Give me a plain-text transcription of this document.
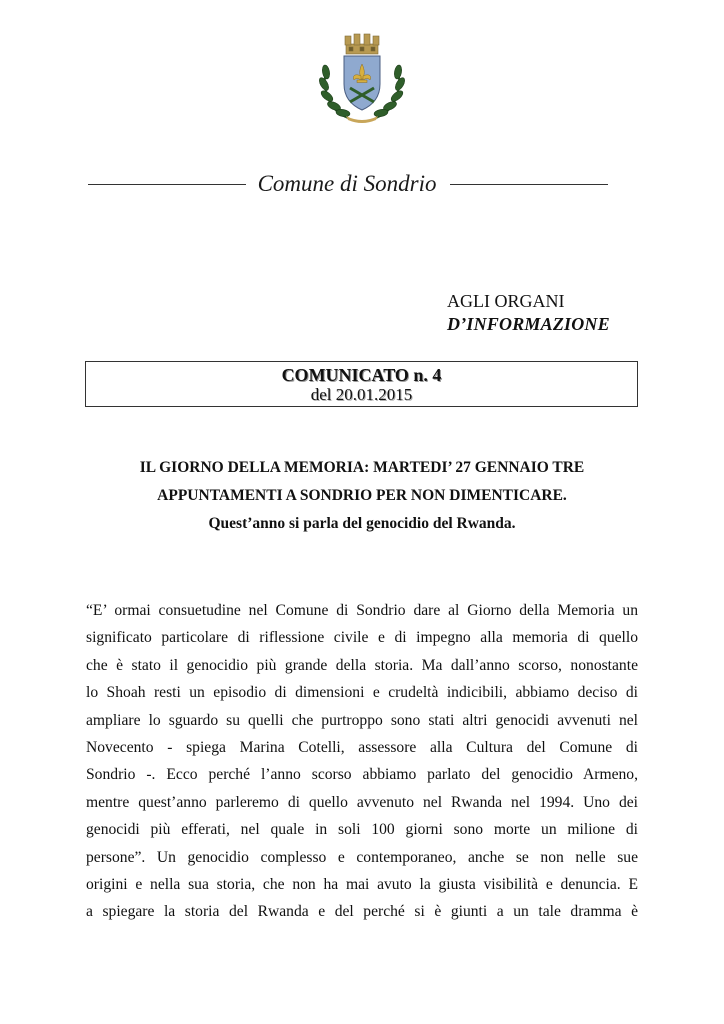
Comune di Sondrio
AGLI ORGANI
D’INFORMAZIONE
COMUNICATO n. 4
del 20.01.2015
IL GIORNO DELLA MEMORIA: MARTEDI’ 27 GENNAIO TRE
APPUNTAMENTI A SONDRIO PER NON DIMENTICARE.
Quest’anno si parla del genocidio del Rwanda.
“E’ ormai consuetudine nel Comune di Sondrio dare al Giorno della Memoria un
significato particolare di riflessione civile e di impegno alla memoria di quello
che è stato il genocidio più grande della storia. Ma dall’anno scorso, nonostante
lo Shoah resti un episodio di dimensioni e crudeltà indicibili, abbiamo deciso di
ampliare lo sguardo su quelli che purtroppo sono stati altri genocidi avvenuti nel
Novecento - spiega Marina Cotelli, assessore alla Cultura del Comune di
Sondrio -. Ecco perché l’anno scorso abbiamo parlato del genocidio Armeno,
mentre quest’anno parleremo di quello avvenuto nel Rwanda nel 1994. Uno dei
genocidi più efferati, nel quale in soli 100 giorni sono morte un milione di
persone”. Un genocidio complesso e contemporaneo, anche se non nelle sue
origini e nella sua storia, che non ha mai avuto la giusta visibilità e denuncia. E
a spiegare la storia del Rwanda e del perché si è giunti a un tale dramma è
